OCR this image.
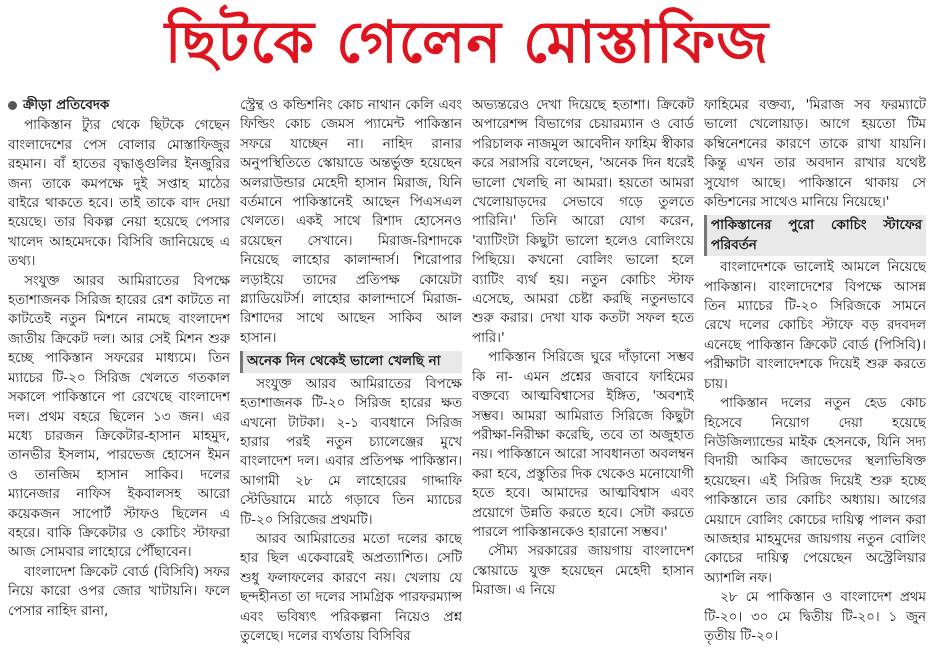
ছিটকে গেলেন মোস্তাফিজ
ক্রীড়া প্রতিবেদক

পাকিস্তান ট্যুর থেকে ছিটকে গেছেন বাংলাদেশের পেস বোলার মোস্তাফিজুর রহমান। বাঁ হাতের বৃদ্ধাঙ্গুলির ইনজুরির জন্য তাকে কমপক্ষে দুই সপ্তাহ মাঠের বাইরে থাকতে হবে। তাই তাকে বাদ দেয়া হয়েছে। তার বিকল্প নেয়া হয়েছে পেসার খালেদ আহমেদকে। বিসিবি জানিয়েছে এ তথ্য।

সংযুক্ত আরব আমিরাতের বিপক্ষে হতাশাজনক সিরিজ হারের রেশ কাটতে না কাটতেই নতুন মিশনে নামছে বাংলাদেশ জাতীয় ক্রিকেট দল। আর সেই মিশন শুরু হচ্ছে পাকিস্তান সফরের মাধ্যমে। তিন ম্যাচের টি-২০ সিরিজ খেলতে গতকাল সকালে পাকিস্তানে পা রেখেছে বাংলাদেশ দল। প্রথম বহরে ছিলেন ১৩ জন। এর মধ্যে চারজন ক্রিকেটার-হাসান মাহমুদ, তানভীর ইসলাম, পারভেজ হোসেন ইমন ও তানজিম হাসান সাকিব। দলের ম্যানেজার নাফিস ইকবালসহ আরো কয়েকজন সাপোর্ট স্টাফও ছিলেন এ বহরে। বাকি ক্রিকেটার ও কোচিং স্টাফরা আজ সোমবার লাহোরে পৌঁছাবেন।

বাংলাদেশ ক্রিকেট বোর্ড (বিসিবি) সফর নিয়ে কারো ওপর জোর খাটায়নি। ফলে পেসার নাহিদ রানা,

স্ট্রেন্থ ও কন্ডিশনিং কোচ নাথান কেলি এবং ফিল্ডিং কোচ জেমস প্যামেন্ট পাকিস্তান সফরে যাচ্ছেন না। নাহিদ রানার অনুপস্থিতিতে স্কোয়াডে অন্তর্ভুক্ত হয়েছেন অলরাউন্ডার মেহেদী হাসান মিরাজ, যিনি বর্তমানে পাকিস্তানেই আছেন পিএসএল খেলতে। একই সাথে রিশাদ হোসেনও রয়েছেন সেখানে। মিরাজ-রিশাদকে নিয়েছে লাহোর কালান্দার্স। শিরোপার লড়াইয়ে তাদের প্রতিপক্ষ কোয়েটা গ্ল্যাডিয়েটর্স। লাহোর কালান্দার্সে মিরাজ-রিশাদের সাথে আছেন সাকিব আল হাসান।

অনেক দিন থেকেই ভালো খেলছি না

সংযুক্ত আরব আমিরাতের বিপক্ষে হতাশাজনক টি-২০ সিরিজ হারের ক্ষত এখনো টাটকা। ২-১ ব্যবধানে সিরিজ হারার পরই নতুন চ্যালেঞ্জের মুখে বাংলাদেশ দল। এবার প্রতিপক্ষ পাকিস্তান। আগামী ২৮ মে লাহোরের গাদ্দাফি স্টেডিয়ামে মাঠে গড়াবে তিন ম্যাচের টি-২০ সিরিজের প্রথমটি।

আরব আমিরাতের মতো দলের কাছে হার ছিল একেবারেই অপ্রত্যাশিত। সেটি শুধু ফলাফলের কারণে নয়। খেলায় যে ছন্দহীনতা তা দলের সামগ্রিক পারফরম্যান্স এবং ভবিষ্যৎ পরিকল্পনা নিয়েও প্রশ্ন তুলেছে। দলের ব্যর্থতায় বিসিবির

অভ্যন্তরেও দেখা দিয়েছে হতাশা। ক্রিকেট অপারেশন্স বিভাগের চেয়ারম্যান ও বোর্ড পরিচালক নাজমুল আবেদীন ফাহিম স্বীকার করে সরাসরি বলেছেন, 'অনেক দিন ধরেই ভালো খেলছি না আমরা। হয়তো আমরা খেলোয়াড়দের সেভাবে গড়ে তুলতে পারিনি।' তিনি আরো যোগ করেন, 'ব্যাটিংটা কিছুটা ভালো হলেও বোলিংয়ে পিছিয়ে। কখনো বোলিং ভালো হলে ব্যাটিং ব্যর্থ হয়। নতুন কোচিং স্টাফ এসেছে, আমরা চেষ্টা করছি নতুনভাবে শুরু করার। দেখা যাক কতটা সফল হতে পারি।'

পাকিস্তান সিরিজে ঘুরে দাঁড়ানো সম্ভব কি না- এমন প্রশ্নের জবাবে ফাহিমের বক্তব্যে আত্মবিশ্বাসের ইঙ্গিত, 'অবশ্যই সম্ভব। আমরা আমিরাত সিরিজে কিছুটা পরীক্ষা-নিরীক্ষা করেছি, তবে তা অজুহাত নয়। পাকিস্তানে আরো সাবধানতা অবলম্বন করা হবে, প্রস্তুতির দিক থেকেও মনোযোগী হতে হবে। আমাদের আত্মবিশ্বাস এবং প্রয়োগে উন্নতি করতে হবে। সেটা করতে পারলে পাকিস্তানকেও হারানো সম্ভব।'

সৌম্য সরকারের জায়গায় বাংলাদেশ স্কোয়াডে যুক্ত হয়েছেন মেহেদী হাসান মিরাজ। এ নিয়ে

ফাহিমের বক্তব্য, 'মিরাজ সব ফরম্যাটে ভালো খেলোয়াড়। আগে হয়তো টিম কম্বিনেশনের কারণে তাকে রাখা যায়নি। কিন্তু এখন তার অবদান রাখার যথেষ্ট সুযোগ আছে। পাকিস্তানে থাকায় সে কন্ডিশনের সাথেও মানিয়ে নিয়েছে।'

পাকিস্তানের পুরো কোচিং স্টাফের পরিবর্তন

বাংলাদেশকে ভালোই আমলে নিয়েছে পাকিস্তান। বাংলাদেশের বিপক্ষে আসন্ন তিন ম্যাচের টি-২০ সিরিজকে সামনে রেখে দলের কোচিং স্টাফে বড় রদবদল এনেছে পাকিস্তান ক্রিকেট বোর্ড (পিসিবি)। পরীক্ষাটা বাংলাদেশকে দিয়েই শুরু করতে চায়।

পাকিস্তান দলের নতুন হেড কোচ হিসেবে নিয়োগ দেয়া হয়েছে নিউজিল্যান্ডের মাইক হেসনকে, যিনি সদ্য বিদায়ী আকিব জাভেদের স্থলাভিষিক্ত হয়েছেন। এই সিরিজ দিয়েই শুরু হচ্ছে পাকিস্তানে তার কোচিং অধ্যায়। আগের মেয়াদে বোলিং কোচের দায়িত্ব পালন করা আজহার মাহমুদের জায়গায় নতুন বোলিং কোচের দায়িত্ব পেয়েছেন অস্ট্রেলিয়ার অ্যাশলি নফ।

২৮ মে পাকিস্তান ও বাংলাদেশ প্রথম টি-২০। ৩০ মে দ্বিতীয় টি-২০। ১ জুন তৃতীয় টি-২০।
